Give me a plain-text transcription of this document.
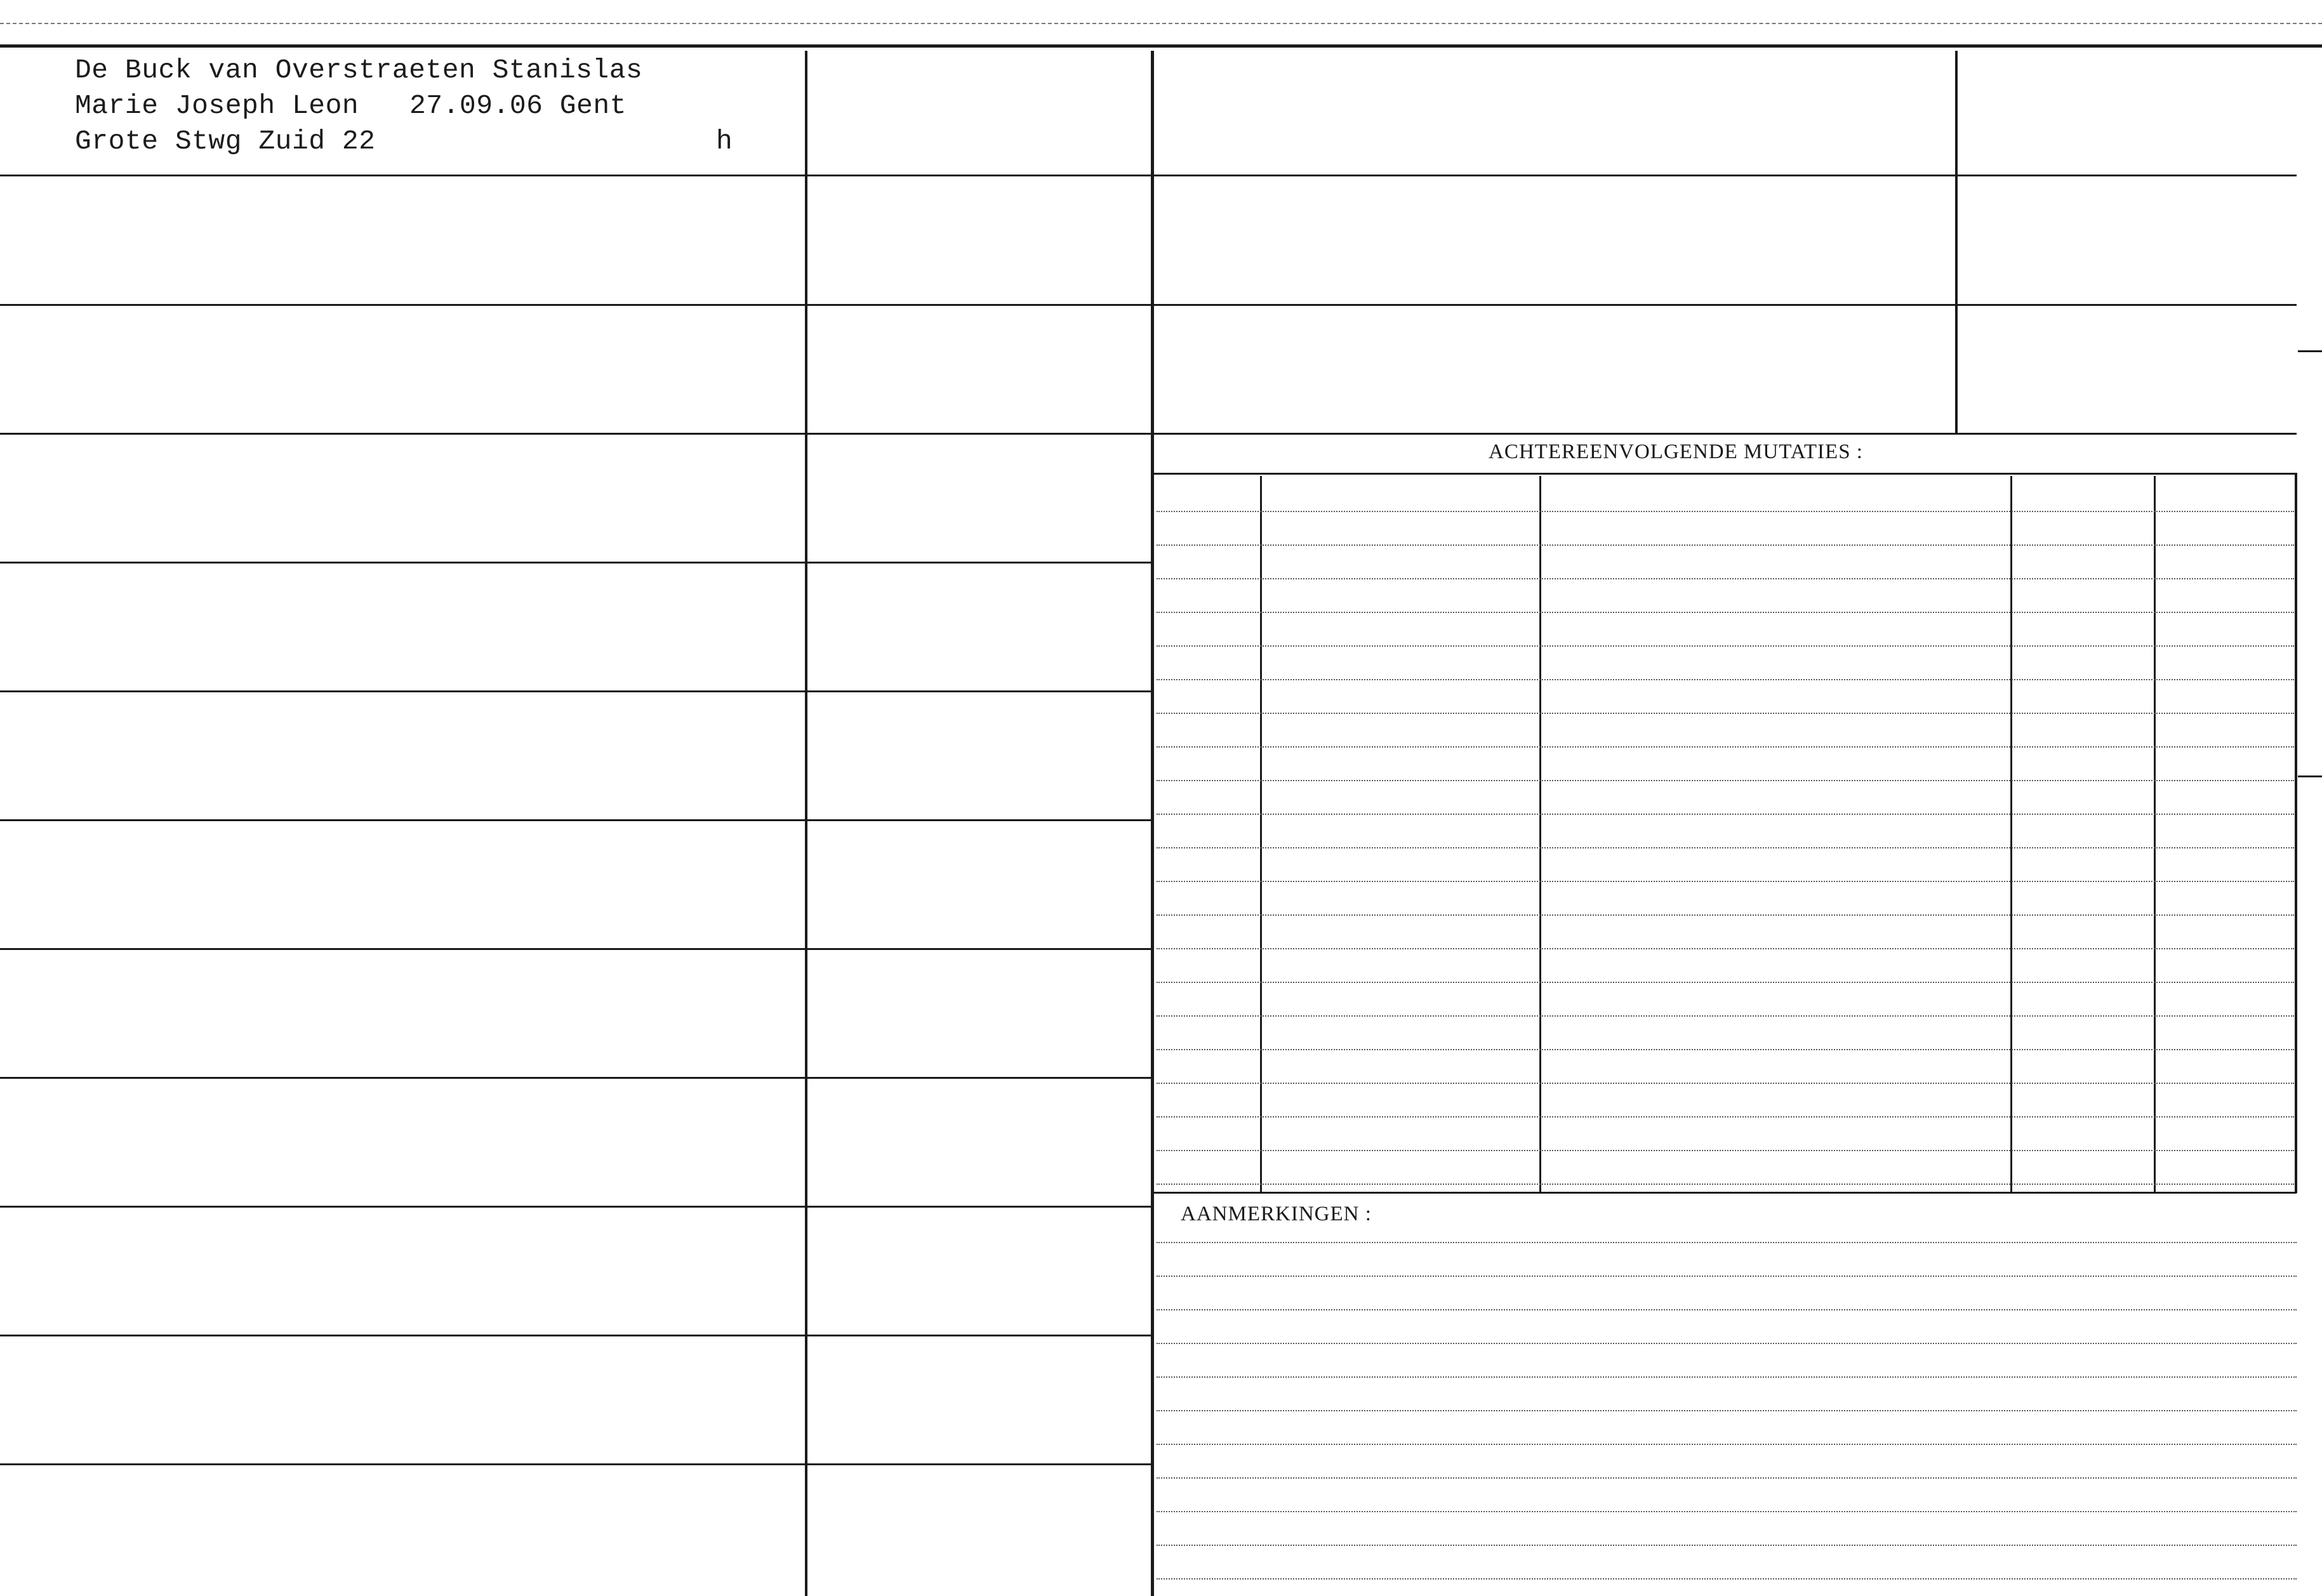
De Buck van Overstraeten Stanislas
Marie Joseph Leon 27.09.06 Gent
Grote Stwg Zuid 22	h
ACHTEREENVOLGENDE MUTATIES :
AANMERKINGEN :
